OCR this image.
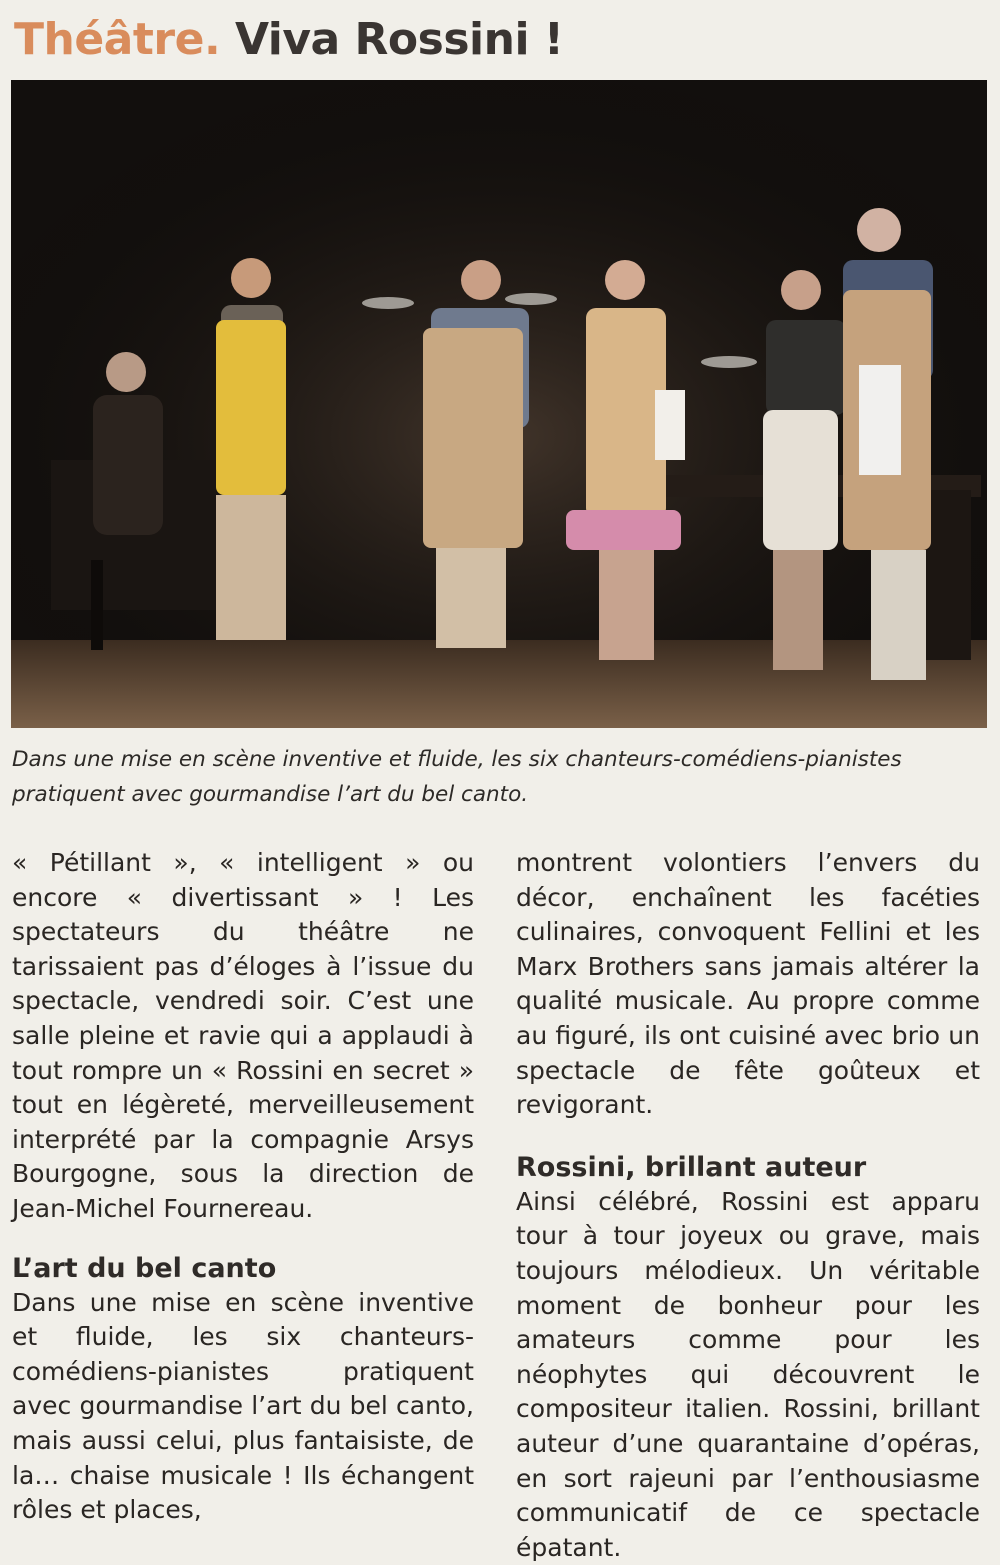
Théâtre. Viva Rossini !
Dans une mise en scène inventive et fluide, les six chanteurs-comédiens-pianistes pratiquent avec gourmandise l’art du bel canto.

« Pétillant », « intelligent » ou encore « divertissant » ! Les spectateurs du théâtre ne tarissaient pas d’éloges à l’issue du spectacle, vendredi soir. C’est une salle pleine et ravie qui a applaudi à tout rompre un « Rossini en secret » tout en légèreté, merveilleusement interprété par la compagnie Arsys Bourgogne, sous la direction de Jean-Michel Fournereau.

L’art du bel canto

Dans une mise en scène inventive et fluide, les six chanteurs-comédiens-pianistes pratiquent avec gourmandise l’art du bel canto, mais aussi celui, plus fantaisiste, de la… chaise musicale ! Ils échangent rôles et places,

montrent volontiers l’envers du décor, enchaînent les facéties culinaires, convoquent Fellini et les Marx Brothers sans jamais altérer la qualité musicale. Au propre comme au figuré, ils ont cuisiné avec brio un spectacle de fête goûteux et revigorant.

Rossini, brillant auteur

Ainsi célébré, Rossini est apparu tour à tour joyeux ou grave, mais toujours mélodieux. Un véritable moment de bonheur pour les amateurs comme pour les néophytes qui découvrent le compositeur italien. Rossini, brillant auteur d’une quarantaine d’opéras, en sort rajeuni par l’enthousiasme communicatif de ce spectacle épatant.
